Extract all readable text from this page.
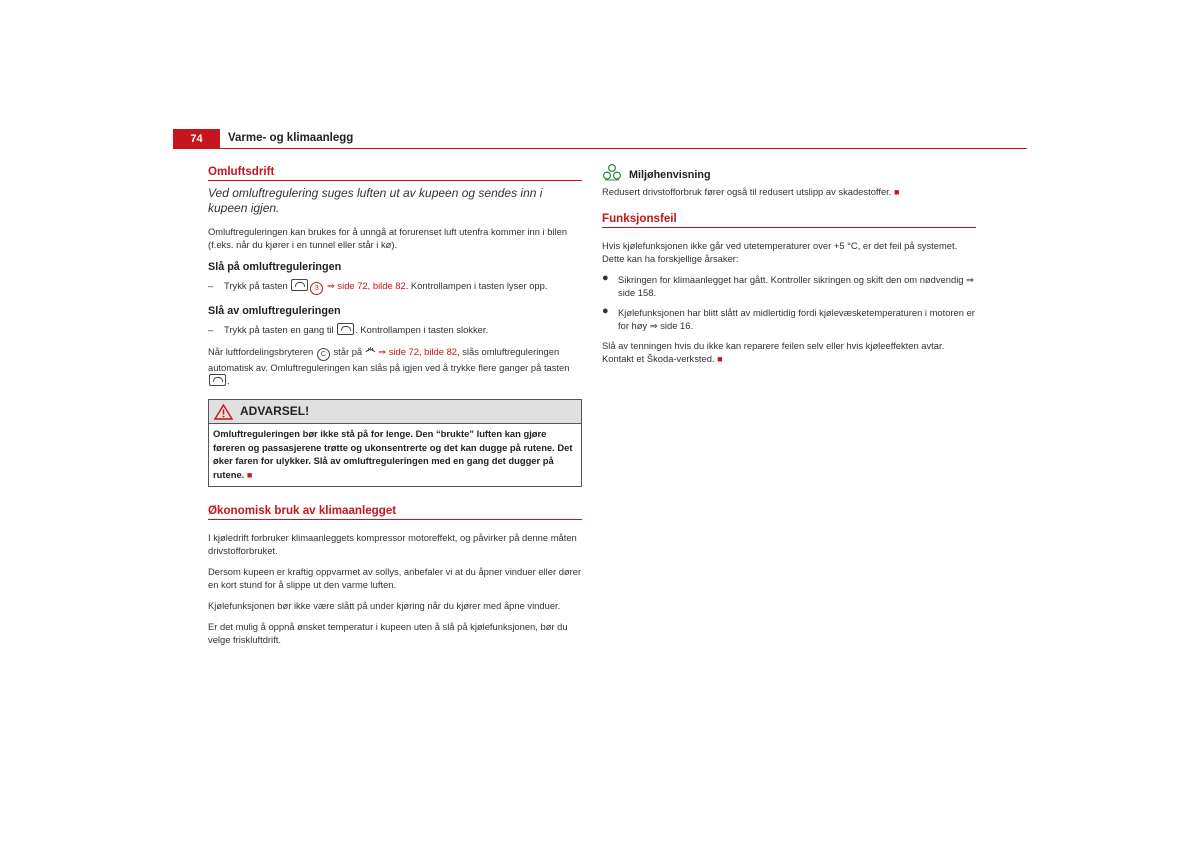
74	Varme- og klimaanlegg
Omluftsdrift

Ved omluftregulering suges luften ut av kupeen og sendes inn i kupeen igjen.

Omluftreguleringen kan brukes for å unngå at forurenset luft utenfra kommer inn i bilen (f.eks. når du kjører i en tunnel eller står i kø).

Slå på omluftreguleringen
– Trykk på tasten	3 ⇒ side 72, bilde 82. Kontrollampen i tasten lyser opp.
Slå av omluftreguleringen
– Trykk på tasten en gang til . Kontrollampen i tasten slokker.

Når luftfordelingsbryteren C står på ⇒ side 72, bilde 82, slås omluftreguleringen automatisk av. Omluftreguleringen kan slås på igjen ved å trykke flere ganger på tasten .

ADVARSEL!
Omluftreguleringen bør ikke stå på for lenge. Den “brukte” luften kan gjøre føreren og passasjerene trøtte og ukonsentrerte og det kan dugge på rutene. Det øker faren for ulykker. Slå av omluftreguleringen med en gang det dugger på rutene. ■
Økonomisk bruk av klimaanlegget

I kjøledrift forbruker klimaanleggets kompressor motoreffekt, og påvirker på denne måten drivstofforbruket.

Dersom kupeen er kraftig oppvarmet av sollys, anbefaler vi at du åpner vinduer eller dører en kort stund for å slippe ut den varme luften.

Kjølefunksjonen bør ikke være slått på under kjøring når du kjører med åpne vinduer.

Er det mulig å oppnå ønsket temperatur i kupeen uten å slå på kjølefunksjonen, bør du velge friskluftdrift.

Miljøhenvisning

Redusert drivstofforbruk fører også til redusert utslipp av skadestoffer. ■

Funksjonsfeil

Hvis kjølefunksjonen ikke går ved utetemperaturer over +5 °C, er det feil på systemet. Dette kan ha forskjellige årsaker:

● Sikringen for klimaanlegget har gått. Kontroller sikringen og skift den om nødvendig ⇒ side 158.
● Kjølefunksjonen har blitt slått av midlertidig fordi kjølevæsketemperaturen i motoren er for høy ⇒ side 16.

Slå av tenningen hvis du ikke kan reparere feilen selv eller hvis kjøleeffekten avtar. Kontakt et Škoda-verksted. ■
